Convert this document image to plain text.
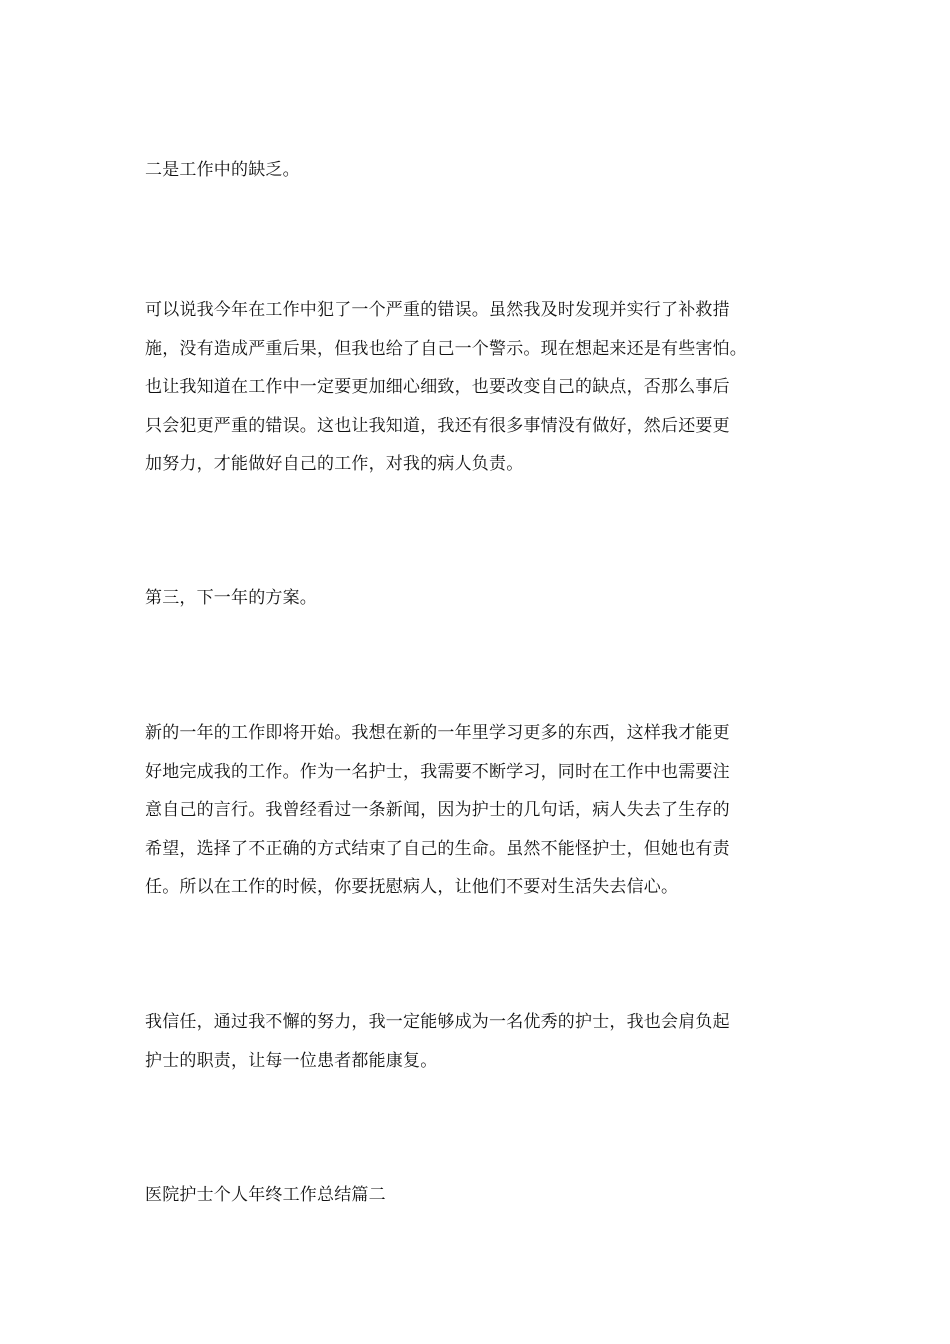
二是工作中的缺乏。

可以说我今年在工作中犯了一个严重的错误。虽然我及时发现并实行了补救措
施，没有造成严重后果，但我也给了自己一个警示。现在想起来还是有些害怕。
也让我知道在工作中一定要更加细心细致，也要改变自己的缺点，否那么事后
只会犯更严重的错误。这也让我知道，我还有很多事情没有做好，然后还要更
加努力，才能做好自己的工作，对我的病人负责。

第三，下一年的方案。

新的一年的工作即将开始。我想在新的一年里学习更多的东西，这样我才能更
好地完成我的工作。作为一名护士，我需要不断学习，同时在工作中也需要注
意自己的言行。我曾经看过一条新闻，因为护士的几句话，病人失去了生存的
希望，选择了不正确的方式结束了自己的生命。虽然不能怪护士，但她也有责
任。所以在工作的时候，你要抚慰病人，让他们不要对生活失去信心。

我信任，通过我不懈的努力，我一定能够成为一名优秀的护士，我也会肩负起
护士的职责，让每一位患者都能康复。

医院护士个人年终工作总结篇二
